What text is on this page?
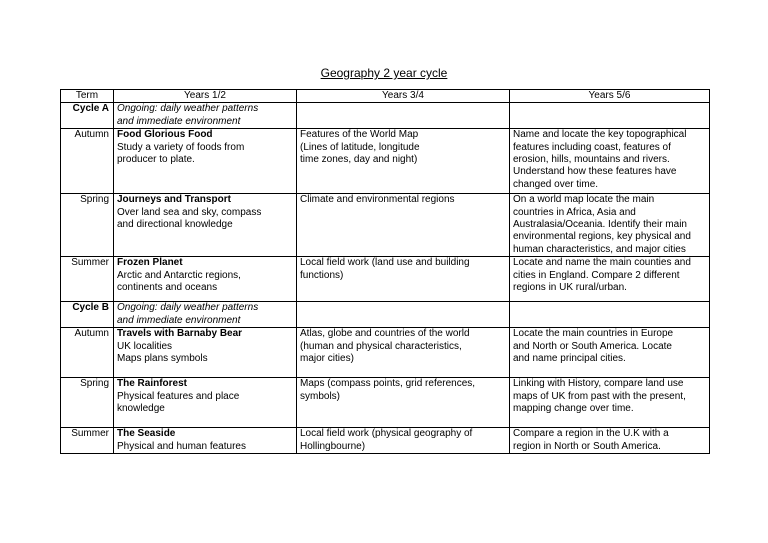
Geography 2 year cycle
Term	Years 1/2	Years 3/4	Years 5/6
Cycle A	Ongoing: daily weather patterns
and immediate environment		

Autumn	Food Glorious Food
Study a variety of foods from
producer to plate.	Features of the World Map
(Lines of latitude, longitude
time zones, day and night)	Name and locate the key topographical
features including coast, features of
erosion, hills, mountains and rivers.
Understand how these features have
changed over time.

Spring	Journeys and Transport
Over land sea and sky, compass
and directional knowledge	Climate and environmental regions	On a world map locate the main
countries in Africa, Asia and
Australasia/Oceania. Identify their main
environmental regions, key physical and
human characteristics, and major cities

Summer	Frozen Planet
Arctic and Antarctic regions,
continents and oceans	Local field work (land use and building
functions)	Locate and name the main counties and
cities in England. Compare 2 different
regions in UK rural/urban.

Cycle B	Ongoing: daily weather patterns
and immediate environment		

Autumn	Travels with Barnaby Bear
UK localities
Maps plans symbols	Atlas, globe and countries of the world
(human and physical characteristics,
major cities)	Locate the main countries in Europe
and North or South America. Locate
and name principal cities.

Spring	The Rainforest
Physical features and place
knowledge	Maps (compass points, grid references,
symbols)	Linking with History, compare land use
maps of UK from past with the present,
mapping change over time.

Summer	The Seaside
Physical and human features	Local field work (physical geography of
Hollingbourne)	Compare a region in the U.K with a
region in North or South America.
